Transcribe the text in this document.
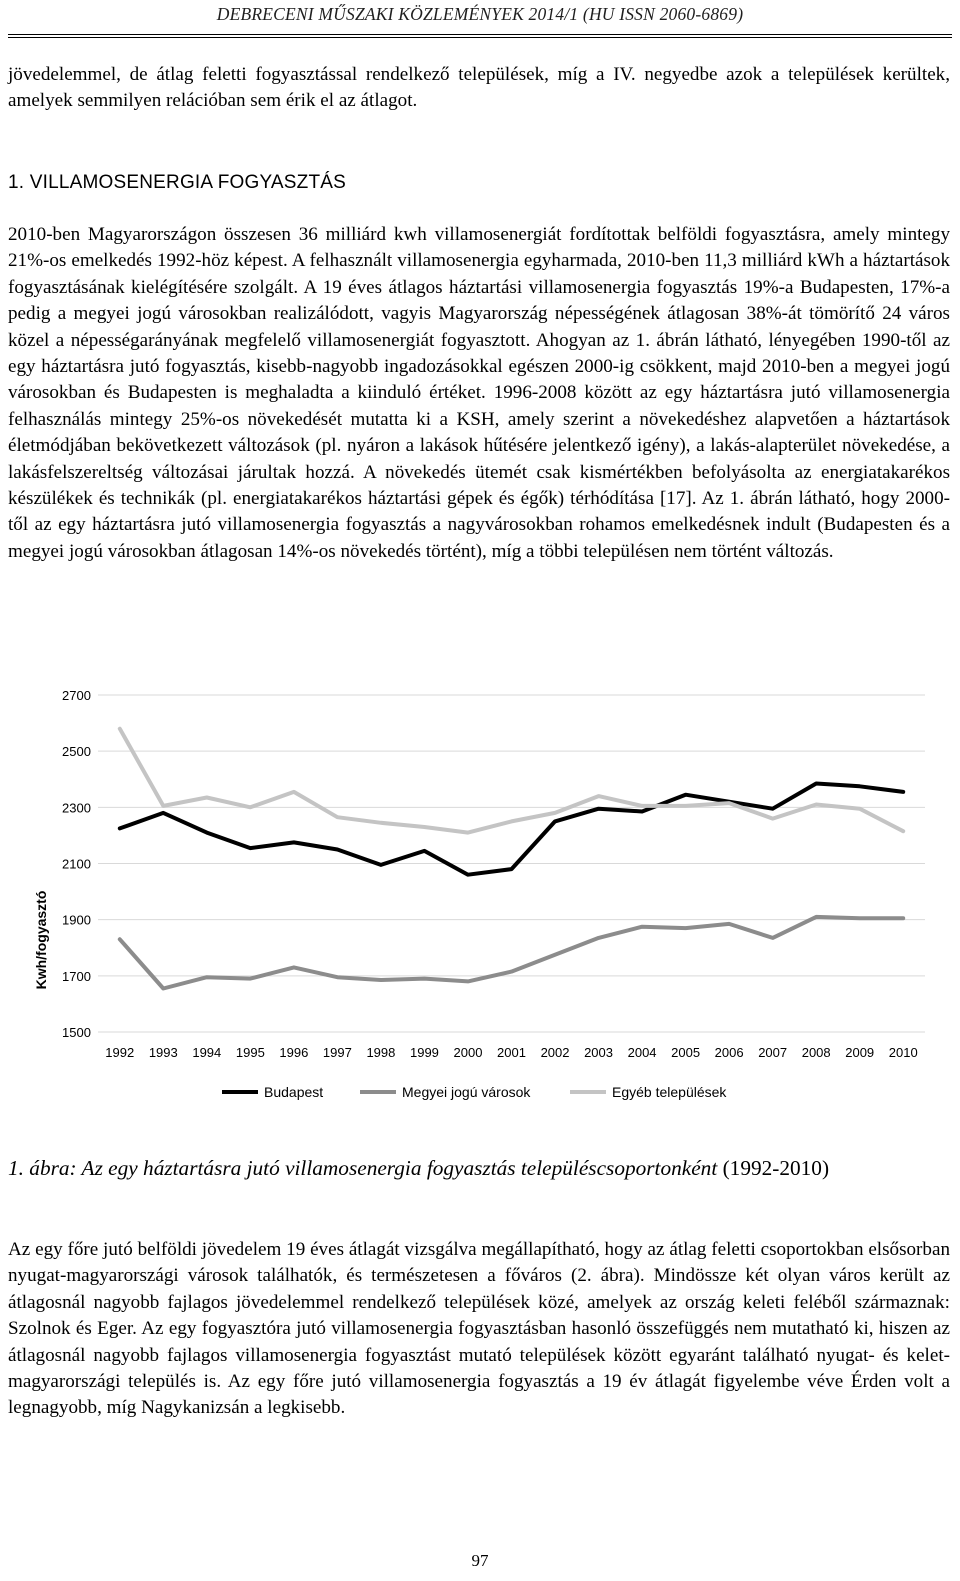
DEBRECENI MŰSZAKI KÖZLEMÉNYEK 2014/1 (HU ISSN 2060-6869)
jövedelemmel, de átlag feletti fogyasztással rendelkező települések, míg a IV. negyedbe azok a települések kerültek, amelyek semmilyen relációban sem érik el az átlagot.
1. VILLAMOSENERGIA FOGYASZTÁS
2010-ben Magyarországon összesen 36 milliárd kwh villamosenergiát fordítottak belföldi fogyasztásra, amely mintegy 21%-os emelkedés 1992-höz képest. A felhasznált villamosenergia egyharmada, 2010-ben 11,3 milliárd kWh a háztartások fogyasztásának kielégítésére szolgált. A 19 éves átlagos háztartási villamosenergia fogyasztás 19%-a Budapesten, 17%-a pedig a megyei jogú városokban realizálódott, vagyis Magyarország népességének átlagosan 38%-át tömörítő 24 város közel a népességarányának megfelelő villamosenergiát fogyasztott. Ahogyan az 1. ábrán látható, lényegében 1990-től az egy háztartásra jutó fogyasztás, kisebb-nagyobb ingadozásokkal egészen 2000-ig csökkent, majd 2010-ben a megyei jogú városokban és Budapesten is meghaladta a kiinduló értéket. 1996-2008 között az egy háztartásra jutó villamosenergia felhasználás mintegy 25%-os növekedését mutatta ki a KSH, amely szerint a növekedéshez alapvetően a háztartások életmódjában bekövetkezett változások (pl. nyáron a lakások hűtésére jelentkező igény), a lakás-alapterület növekedése, a lakásfelszereltség változásai járultak hozzá. A növekedés ütemét csak kismértékben befolyásolta az energiatakarékos készülékek és technikák (pl. energiatakarékos háztartási gépek és égők) térhódítása [17]. Az 1. ábrán látható, hogy 2000-től az egy háztartásra jutó villamosenergia fogyasztás a nagyvárosokban rohamos emelkedésnek indult (Budapesten és a megyei jogú városokban átlagosan 14%-os növekedés történt), míg a többi településen nem történt változás.
2700
2500
2300
2100
1900
1700
1500
1992 1993 1994 1995 1996 1997 1998 1999 2000 2001 2002 2003 2004 2005 2006 2007 2008 2009 2010
Budapest	Megyei jogú városok	Egyéb települések
Kwh/fogyasztó
1. ábra: Az egy háztartásra jutó villamosenergia fogyasztás településcsoportonként (1992-2010)
Az egy főre jutó belföldi jövedelem 19 éves átlagát vizsgálva megállapítható, hogy az átlag feletti csoportokban elsősorban nyugat-magyarországi városok találhatók, és természetesen a főváros (2. ábra). Mindössze két olyan város került az átlagosnál nagyobb fajlagos jövedelemmel rendelkező települések közé, amelyek az ország keleti feléből származnak: Szolnok és Eger. Az egy fogyasztóra jutó villamosenergia fogyasztásban hasonló összefüggés nem mutatható ki, hiszen az átlagosnál nagyobb fajlagos villamosenergia fogyasztást mutató települések között egyaránt található nyugat- és kelet-magyarországi település is. Az egy főre jutó villamosenergia fogyasztás a 19 év átlagát figyelembe véve Érden volt a legnagyobb, míg Nagykanizsán a legkisebb.
97
